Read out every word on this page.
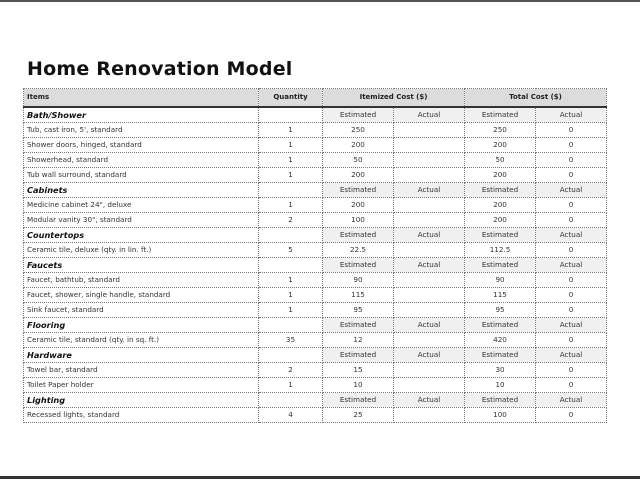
Home Renovation Model
Items	Quantity	Itemized Cost ($)		Total Cost ($)	
Bath/Shower		Estimated	Actual	Estimated	Actual
Tub, cast iron, 5', standard	1	250		250	0
Shower doors, hinged, standard	1	200		200	0
Showerhead, standard	1	50		50	0
Tub wall surround, standard	1	200		200	0
Cabinets		Estimated	Actual	Estimated	Actual
Medicine cabinet 24", deluxe	1	200		200	0
Modular vanity 30", standard	2	100		200	0
Countertops		Estimated	Actual	Estimated	Actual
Ceramic tile, deluxe (qty. in lin. ft.)	5	22.5		112.5	0
Faucets		Estimated	Actual	Estimated	Actual
Faucet, bathtub, standard	1	90		90	0
Faucet, shower, single handle, standard	1	115		115	0
Sink faucet, standard	1	95		95	0
Flooring		Estimated	Actual	Estimated	Actual
Ceramic tile, standard (qty. in sq. ft.)	35	12		420	0
Hardware		Estimated	Actual	Estimated	Actual
Towel bar, standard	2	15		30	0
Toilet Paper holder	1	10		10	0
Lighting		Estimated	Actual	Estimated	Actual
Recessed lights, standard	4	25		100	0
